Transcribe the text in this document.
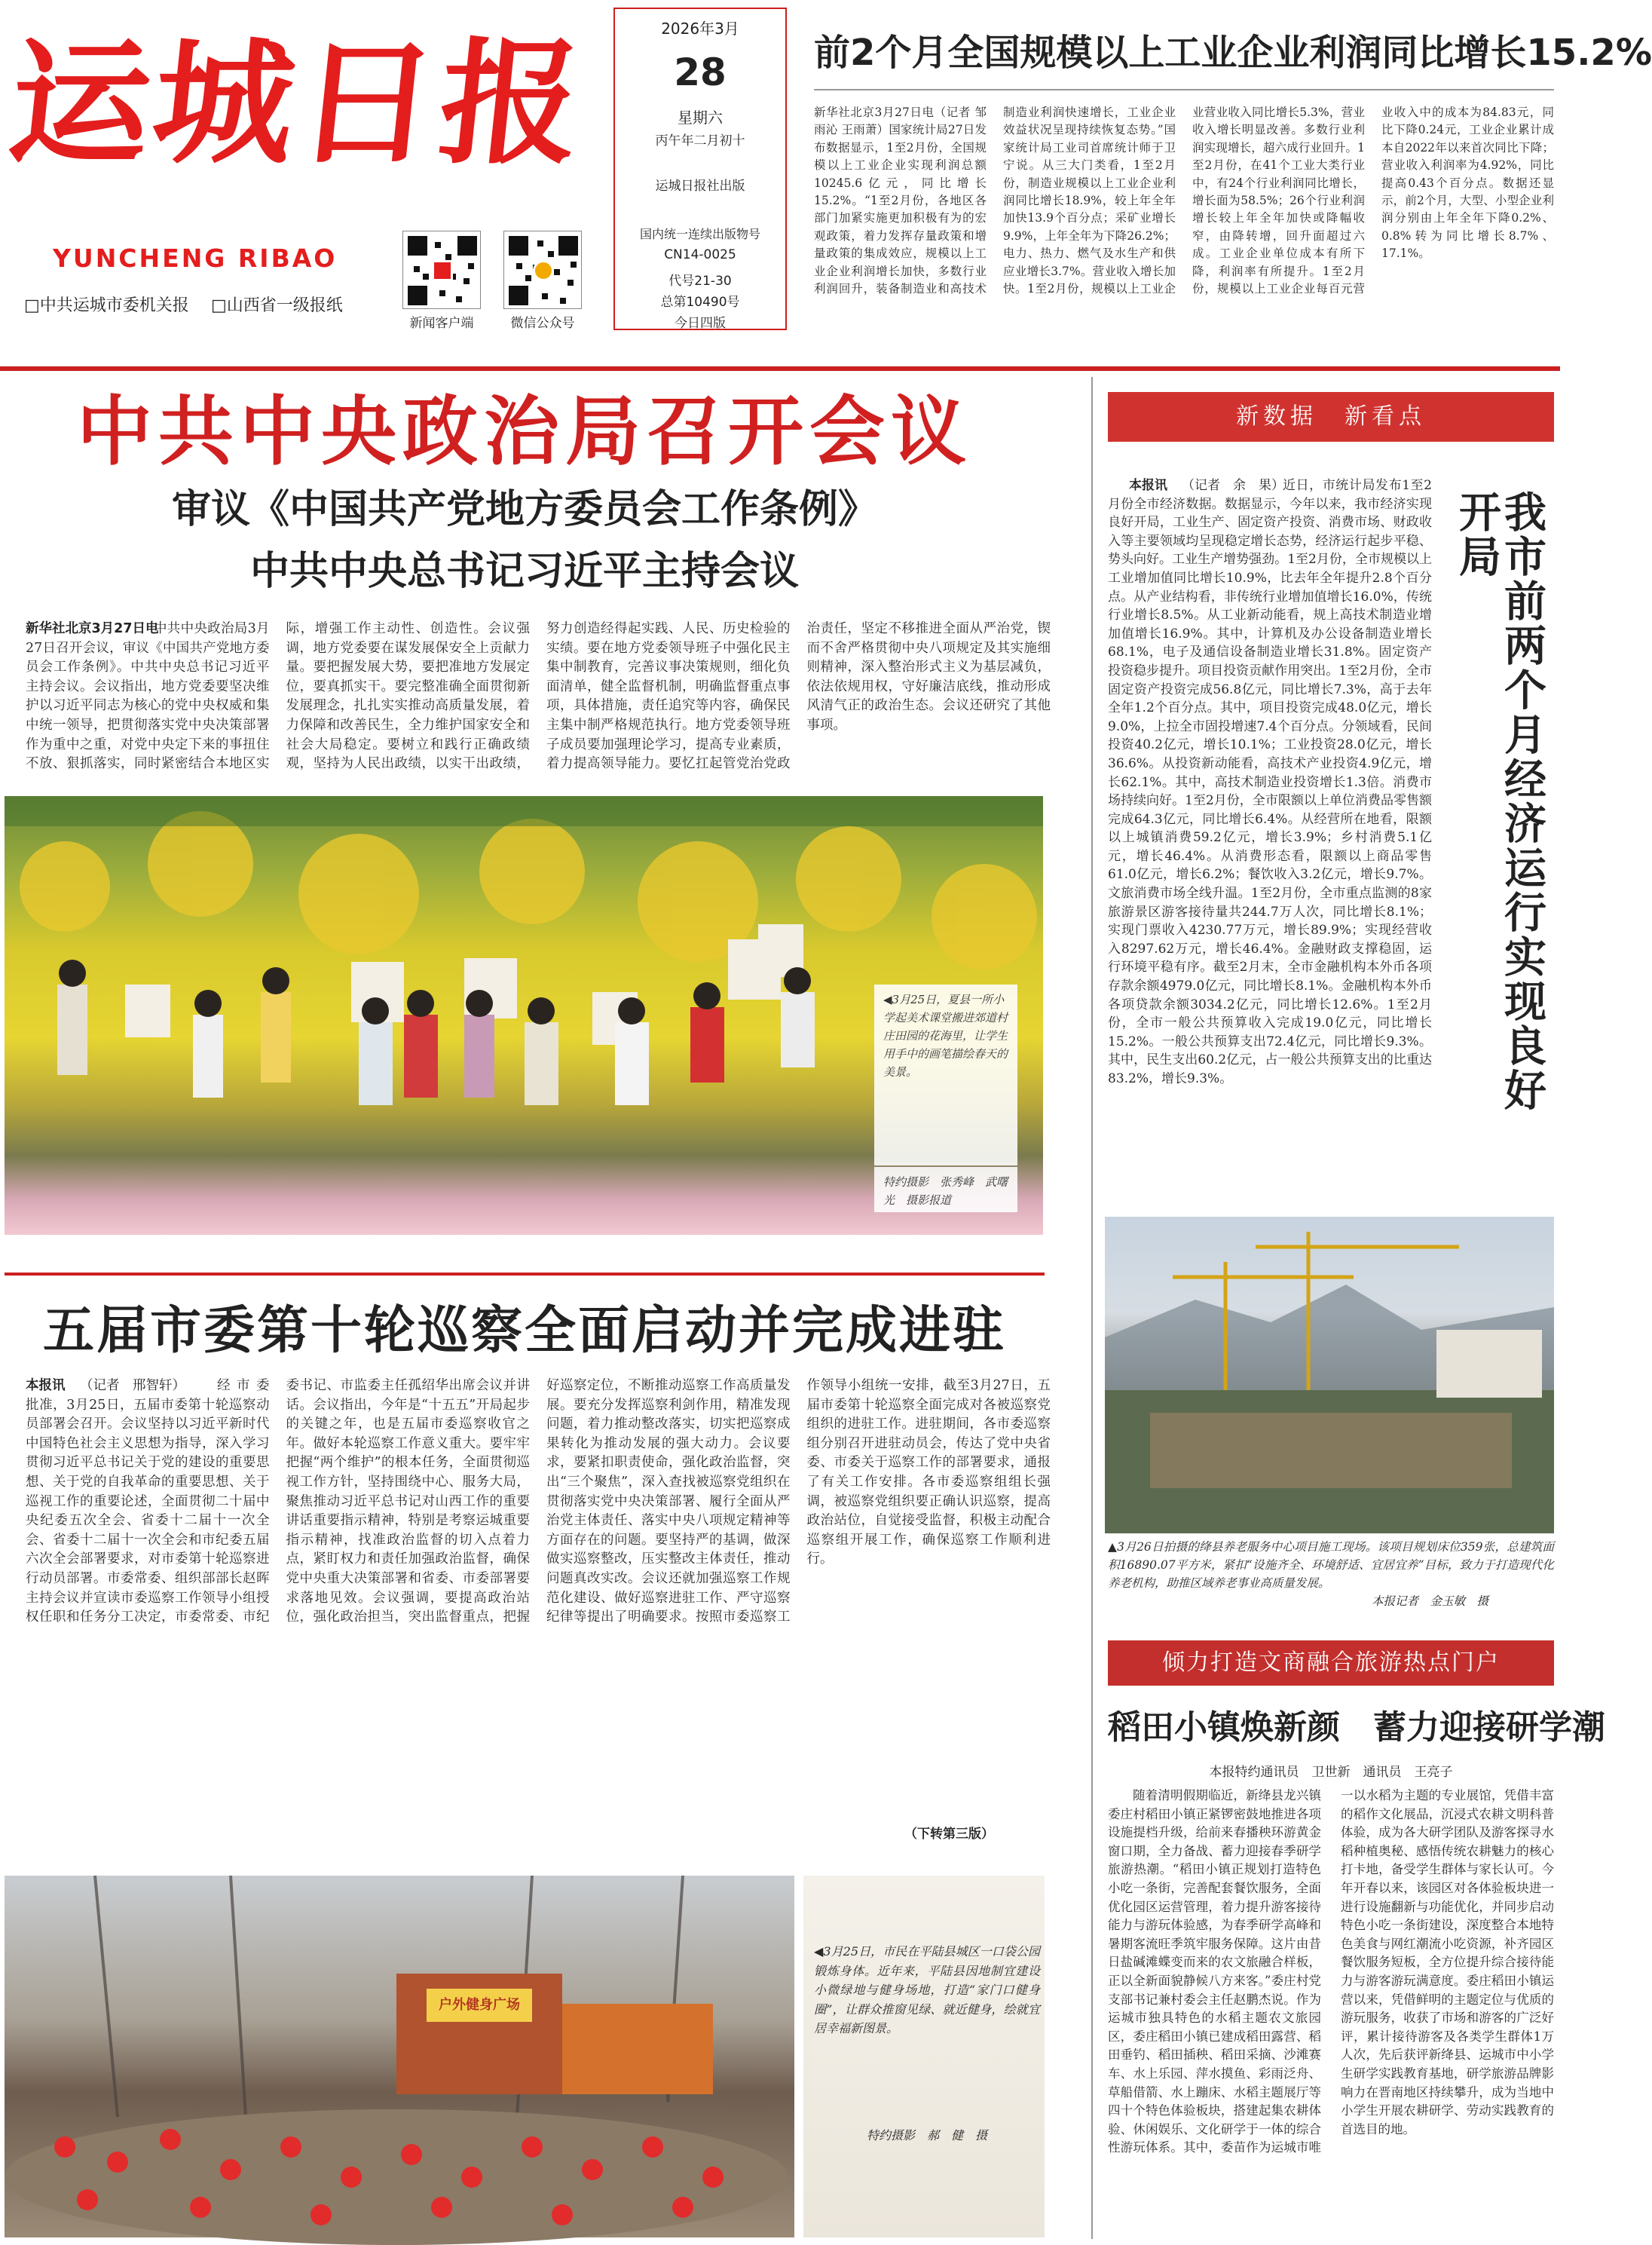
运城日报
YUNCHENG RIBAO
□中共运城市委机关报 □山西省一级报纸
新闻客户端	微信公众号
2026年3月
28
星期六
丙午年二月初十
运城日报社出版
国内统一连续出版物号
CN14-0025
代号21-30
总第10490号
今日四版
前2个月全国规模以上工业企业利润同比增长15.2%
新华社北京3月27日电（记者 邹雨沁 王雨萧）国家统计局27日发布数据显示，1至2月份，全国规模以上工业企业实现利润总额10245.6亿元，同比增长15.2%。“1至2月份，各地区各部门加紧实施更加积极有为的宏观政策，着力发挥存量政策和增量政策的集成效应，规模以上工业企业利润增长加快，多数行业利润回升，装备制造业和高技术制造业利润快速增长，工业企业效益状况呈现持续恢复态势。”国家统计局工业司首席统计师于卫宁说。从三大门类看，1至2月份，制造业规模以上工业企业利润同比增长18.9%，较上年全年加快13.9个百分点；采矿业增长9.9%，上年全年为下降26.2%；电力、热力、燃气及水生产和供应业增长3.7%。营业收入增长加快。1至2月份，规模以上工业企业营业收入同比增长5.3%，营业收入增长明显改善。多数行业利润实现增长，超六成行业回升。1至2月份，在41个工业大类行业中，有24个行业利润同比增长，增长面为58.5%；26个行业利润增长较上年全年加快或降幅收窄，由降转增，回升面超过六成。工业企业单位成本有所下降，利润率有所提升。1至2月份，规模以上工业企业每百元营业收入中的成本为84.83元，同比下降0.24元，工业企业累计成本自2022年以来首次同比下降；营业收入利润率为4.92%，同比提高0.43个百分点。数据还显示，前2个月，大型、小型企业利润分别由上年全年下降0.2%、0.8%转为同比增长8.7%、17.1%。
中共中央政治局召开会议
审议《中国共产党地方委员会工作条例》
中共中央总书记习近平主持会议
新华社北京3月27日电
中共中央政治局3月27日召开会议，审议《中国共产党地方委员会工作条例》。中共中央总书记习近平主持会议。会议指出，地方党委要坚决维护以习近平同志为核心的党中央权威和集中统一领导，把贯彻落实党中央决策部署作为重中之重，对党中央定下来的事扭住不放、狠抓落实，同时紧密结合本地区实际，增强工作主动性、创造性。会议强调，地方党委要在谋发展保安全上贡献力量。要把握发展大势，要把准地方发展定位，要真抓实干。要完整准确全面贯彻新发展理念，扎扎实实推动高质量发展，着力保障和改善民生，全力维护国家安全和社会大局稳定。要树立和践行正确政绩观，坚持为人民出政绩，以实干出政绩，努力创造经得起实践、人民、历史检验的实绩。要在地方党委领导班子中强化民主集中制教育，完善议事决策规则，细化负面清单，健全监督机制，明确监督重点事项，具体措施，责任追究等内容，确保民主集中制严格规范执行。地方党委领导班子成员要加强理论学习，提高专业素质，着力提高领导能力。要忆扛起管党治党政治责任，坚定不移推进全面从严治党，锲而不舍严格贯彻中央八项规定及其实施细则精神，深入整治形式主义为基层减负，依法依规用权，守好廉洁底线，推动形成风清气正的政治生态。会议还研究了其他事项。
◀3月25日，夏县一所小学起美术课堂搬进郊道村庄田园的花海里，让学生用手中的画笔描绘春天的美景。
特约摄影　张秀峰　武曙光　摄影报道
五届市委第十轮巡察全面启动并完成进驻
本报讯 （记者　邢智轩）	经市委批准，3月25日，五届市委第十轮巡察动员部署会召开。会议坚持以习近平新时代中国特色社会主义思想为指导，深入学习贯彻习近平总书记关于党的建设的重要思想、关于党的自我革命的重要思想、关于巡视工作的重要论述，全面贯彻二十届中央纪委五次全会、省委十二届十一次全会、省委十二届十一次全会和市纪委五届六次全会部署要求，对市委第十轮巡察进行动员部署。市委常委、组织部部长赵晖主持会议并宣读市委巡察工作领导小组授权任职和任务分工决定，市委常委、市纪委书记、市监委主任孤绍华出席会议并讲话。会议指出，今年是“十五五”开局起步的关键之年，也是五届市委巡察收官之年。做好本轮巡察工作意义重大。要牢牢把握“两个维护”的根本任务，全面贯彻巡视工作方针，坚持围绕中心、服务大局，聚焦推动习近平总书记对山西工作的重要讲话重要指示精神，特别是考察运城重要指示精神，找准政治监督的切入点着力点，紧盯权力和责任加强政治监督，确保党中央重大决策部署和省委、市委部署要求落地见效。会议强调，要提高政治站位，强化政治担当，突出监督重点，把握好巡察定位，不断推动巡察工作高质量发展。要充分发挥巡察利剑作用，精准发现问题，着力推动整改落实，切实把巡察成果转化为推动发展的强大动力。会议要求，要紧扣职责使命，强化政治监督，突出“三个聚焦”，深入查找被巡察党组织在贯彻落实党中央决策部署、履行全面从严治党主体责任、落实中央八项规定精神等方面存在的问题。要坚持严的基调，做深做实巡察整改，压实整改主体责任，推动问题真改实改。会议还就加强巡察工作规范化建设、做好巡察进驻工作、严守巡察纪律等提出了明确要求。按照市委巡察工作领导小组统一安排，截至3月27日，五届市委第十轮巡察全面完成对各被巡察党组织的进驻工作。进驻期间，各市委巡察组分别召开进驻动员会，传达了党中央省委、市委关于巡察工作的部署要求，通报了有关工作安排。各市委巡察组组长强调，被巡察党组织要正确认识巡察，提高政治站位，自觉接受监督，积极主动配合巡察组开展工作，确保巡察工作顺利进行。
（下转第三版）
户外健身广场
◀3月25日，市民在平陆县城区一口袋公园锻炼身体。近年来，平陆县因地制宜建设小微绿地与健身场地，打造“家门口健身圈”，让群众推窗见绿、就近健身，绘就宜居幸福新图景。
特约摄影　郝　健　摄
新数据　新看点
我市前两个月经济运行实现良好开局
本报讯 （记者　余　果）
近日，市统计局发布1至2月份全市经济数据。数据显示，今年以来，我市经济实现良好开局，工业生产、固定资产投资、消费市场、财政收入等主要领域均呈现稳定增长态势，经济运行起步平稳、势头向好。工业生产增势强劲。1至2月份，全市规模以上工业增加值同比增长10.9%，比去年全年提升2.8个百分点。从产业结构看，非传统行业增加值增长16.0%，传统行业增长8.5%。从工业新动能看，规上高技术制造业增加值增长16.9%。其中，计算机及办公设备制造业增长68.1%，电子及通信设备制造业增长31.8%。固定资产投资稳步提升。项目投资贡献作用突出。1至2月份，全市固定资产投资完成56.8亿元，同比增长7.3%，高于去年全年1.2个百分点。其中，项目投资完成48.0亿元，增长9.0%，上拉全市固投增速7.4个百分点。分领域看，民间投资40.2亿元，增长10.1%；工业投资28.0亿元，增长36.6%。从投资新动能看，高技术产业投资4.9亿元，增长62.1%。其中，高技术制造业投资增长1.3倍。消费市场持续向好。1至2月份，全市限额以上单位消费品零售额完成64.3亿元，同比增长6.4%。从经营所在地看，限额以上城镇消费59.2亿元，增长3.9%；乡村消费5.1亿元，增长46.4%。从消费形态看，限额以上商品零售61.0亿元，增长6.2%；餐饮收入3.2亿元，增长9.7%。文旅消费市场全线升温。1至2月份，全市重点监测的8家旅游景区游客接待量共244.7万人次，同比增长8.1%；实现门票收入4230.77万元，增长89.9%；实现经营收入8297.62万元，增长46.4%。金融财政支撑稳固，运行环境平稳有序。截至2月末，全市金融机构本外币各项存款余额4979.0亿元，同比增长8.1%。金融机构本外币各项贷款余额3034.2亿元，同比增长12.6%。1至2月份，全市一般公共预算收入完成19.0亿元，同比增长15.2%。一般公共预算支出72.4亿元，同比增长9.3%。其中，民生支出60.2亿元，占一般公共预算支出的比重达83.2%，增长9.3%。
▲3月26日拍摄的绛县养老服务中心项目施工现场。该项目规划床位359张，总建筑面积16890.07平方米，紧扣“设施齐全、环境舒适、宜居宜养”目标，致力于打造现代化养老机构，助推区域养老事业高质量发展。
本报记者　金玉敏　摄
倾力打造文商融合旅游热点门户
稻田小镇焕新颜　蓄力迎接研学潮
本报特约通讯员　卫世新　通讯员　王亮子
随着清明假期临近，新绛县龙兴镇委庄村稻田小镇正紧锣密鼓地推进各项设施提档升级，给前来春播秧环游黄金窗口期，全力备战、蓄力迎接春季研学旅游热潮。“稻田小镇正规划打造特色小吃一条街，完善配套餐饮服务，全面优化园区运营管理，着力提升游客接待能力与游玩体验感，为春季研学高峰和暑期客流旺季筑牢服务保障。这片由昔日盐碱滩蝶变而来的农文旅融合样板，正以全新面貌静候八方来客。”委庄村党支部书记兼村委会主任赵鹏杰说。作为运城市独具特色的水稻主题农文旅园区，委庄稻田小镇已建成稻田露营、稻田垂钓、稻田插秧、稻田采摘、沙滩赛车、水上乐园、萍水摸鱼、彩雨泛舟、草船借箭、水上蹦床、水稻主题展厅等四十个特色体验板块，搭建起集农耕体验、休闲娱乐、文化研学于一体的综合性游玩体系。其中，委苗作为运城市唯一以水稻为主题的专业展馆，凭借丰富的稻作文化展品，沉浸式农耕文明科普体验，成为各大研学团队及游客探寻水稻种植奥秘、感悟传统农耕魅力的核心打卡地，备受学生群体与家长认可。今年开春以来，该园区对各体验板块进一进行设施翻新与功能优化，并同步启动特色小吃一条街建设，深度整合本地特色美食与网红潮流小吃资源，补齐园区餐饮服务短板，全方位提升综合接待能力与游客游玩满意度。委庄稻田小镇运营以来，凭借鲜明的主题定位与优质的游玩服务，收获了市场和游客的广泛好评，累计接待游客及各类学生群体1万人次，先后获评新绛县、运城市中小学生研学实践教育基地，研学旅游品牌影响力在晋南地区持续攀升，成为当地中小学生开展农耕研学、劳动实践教育的首选目的地。
